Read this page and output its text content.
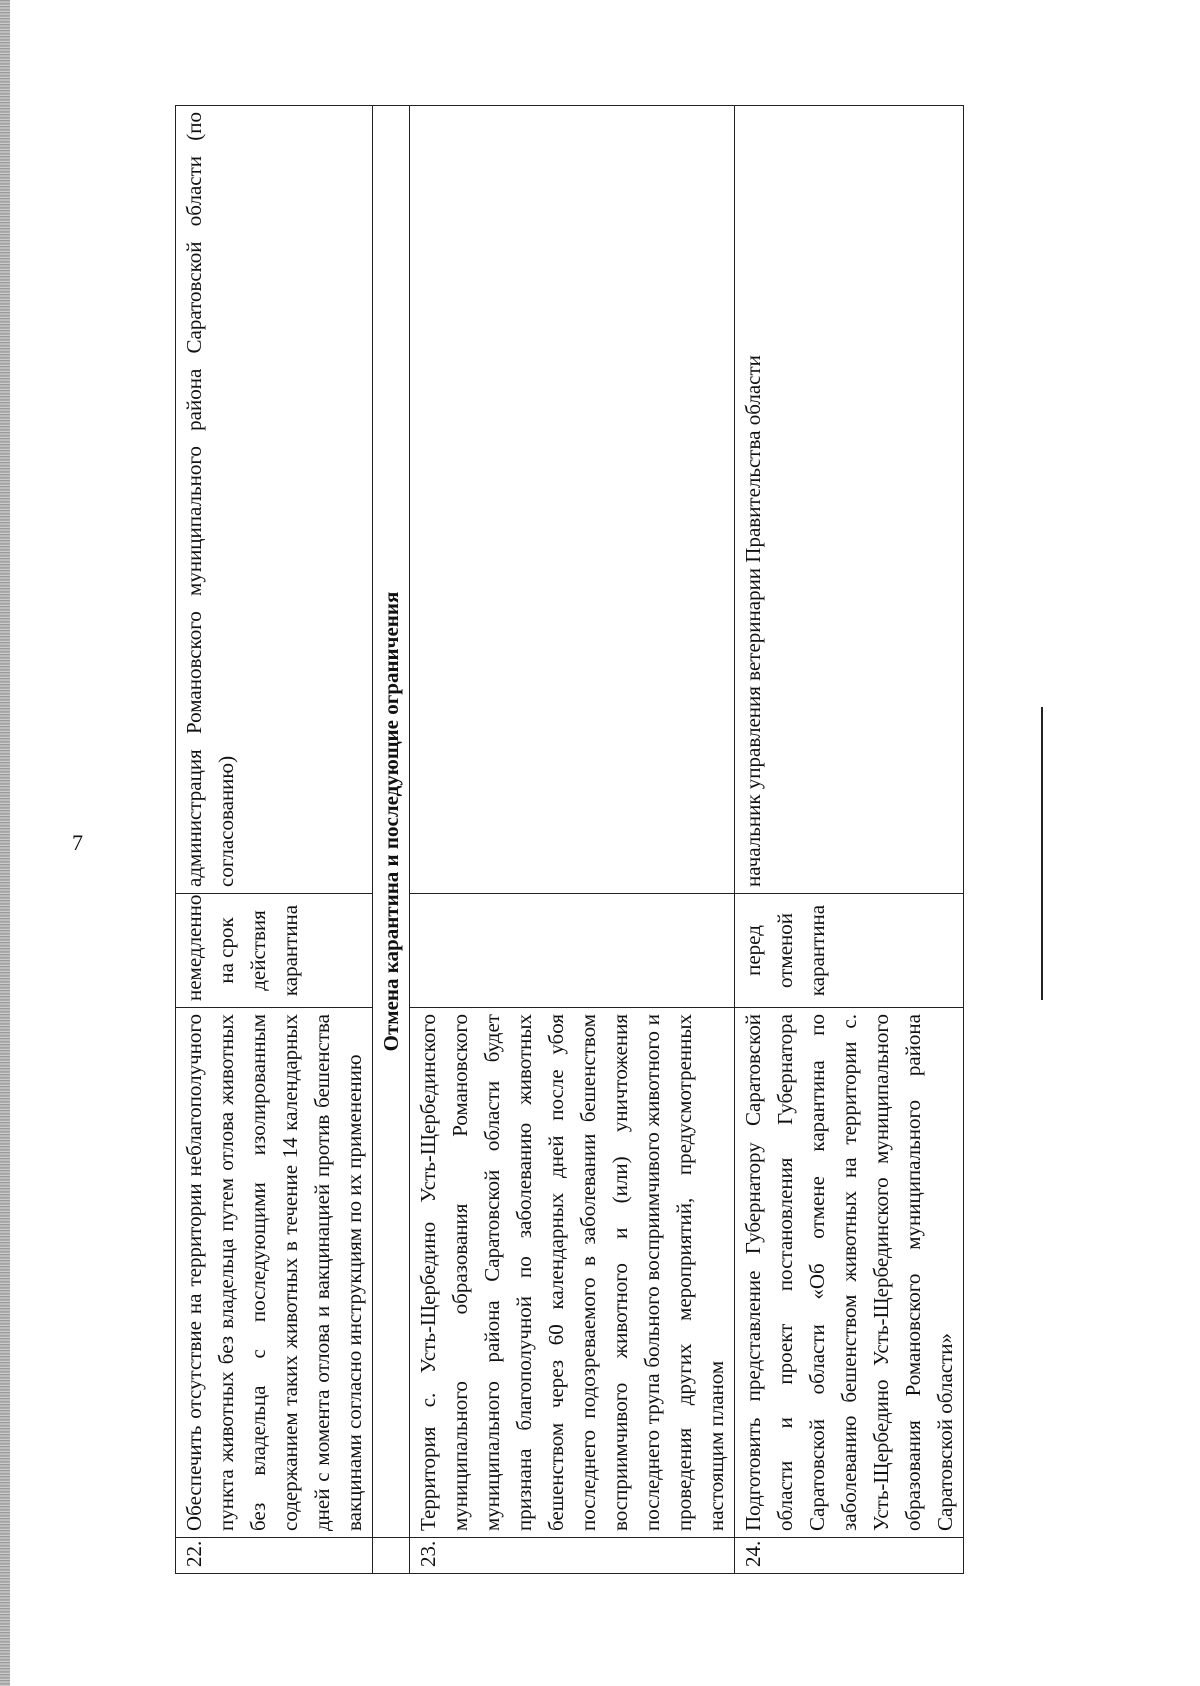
7
22.	Обеспечить отсутствие на территории неблагополучного пункта животных без владельца путем отлова животных без владельца с последующими изолированным содержанием таких животных в течение 14 календарных дней с момента отлова и вакцинацией против бешенства вакцинами согласно инструкциям по их применению	немедленно на срок действия карантина	администрация Романовского муниципального района Саратовской области (по согласованию)
	Отмена карантина и последующие ограничения		
23.	Территория с. Усть-Щербедино Усть-Щербединского муниципального образования Романовского муниципального района Саратовской области будет признана благополучной по заболеванию животных бешенством через 60 календарных дней после убоя последнего подозреваемого в заболевании бешенством восприимчивого животного и (или) уничтожения последнего трупа больного восприимчивого животного и проведения других мероприятий, предусмотренных настоящим планом		
24.	Подготовить представление Губернатору Саратовской области и проект постановления Губернатора Саратовской области «Об отмене карантина по заболеванию бешенством животных на территории с. Усть-Щербедино Усть-Щербединского муниципального образования Романовского муниципального района Саратовской области»	перед отменой карантина	начальник управления ветеринарии Правительства области
